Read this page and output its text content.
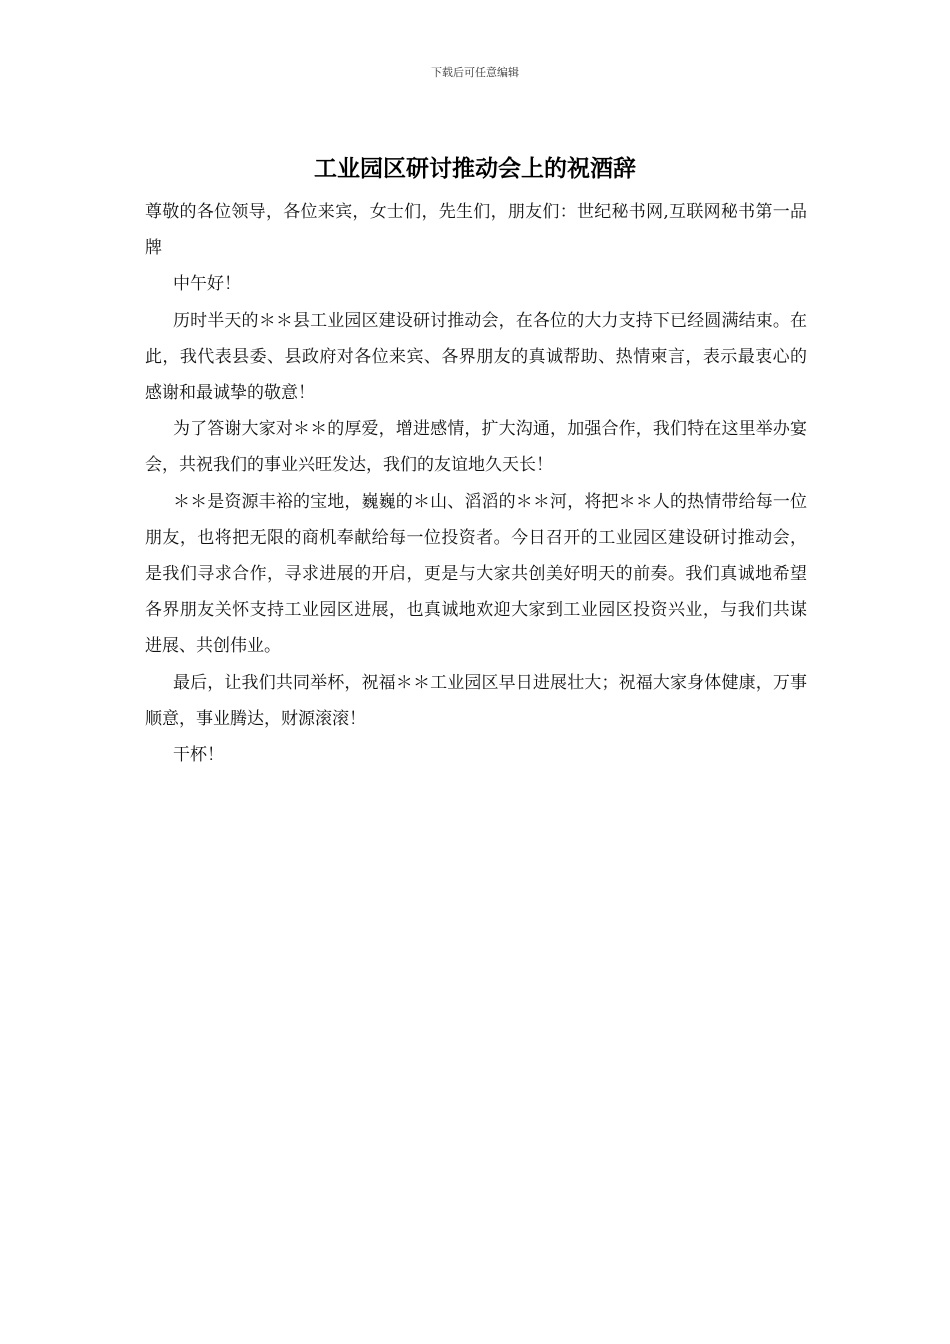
下载后可任意编辑
工业园区研讨推动会上的祝酒辞

尊敬的各位领导，各位来宾，女士们，先生们，朋友们：世纪秘书网,互联网秘书第一品牌

中午好！

历时半天的＊＊县工业园区建设研讨推动会，在各位的大力支持下已经圆满结束。在此，我代表县委、县政府对各位来宾、各界朋友的真诚帮助、热情柬言，表示最衷心的感谢和最诚挚的敬意！

为了答谢大家对＊＊的厚爱，增进感情，扩大沟通，加强合作，我们特在这里举办宴会，共祝我们的事业兴旺发达，我们的友谊地久天长！

＊＊是资源丰裕的宝地，巍巍的＊山、滔滔的＊＊河，将把＊＊人的热情带给每一位朋友，也将把无限的商机奉献给每一位投资者。今日召开的工业园区建设研讨推动会，是我们寻求合作，寻求进展的开启，更是与大家共创美好明天的前奏。我们真诚地希望各界朋友关怀支持工业园区进展，也真诚地欢迎大家到工业园区投资兴业，与我们共谋进展、共创伟业。

最后，让我们共同举杯，祝福＊＊工业园区早日进展壮大；祝福大家身体健康，万事顺意，事业腾达，财源滚滚！

干杯！
